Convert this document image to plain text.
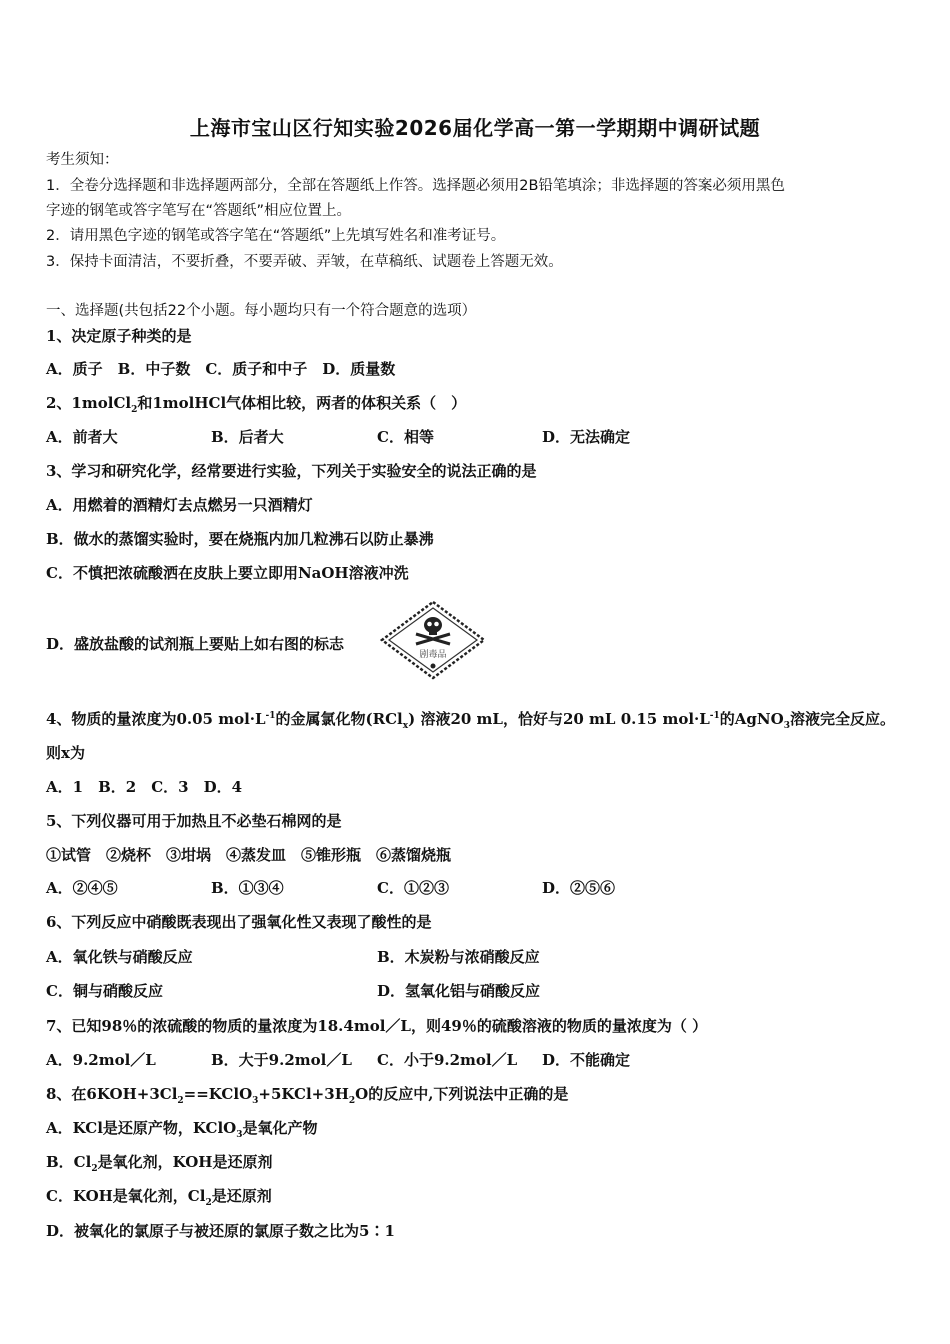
上海市宝山区行知实验2026届化学高一第一学期期中调研试题
考生须知：
1．全卷分选择题和非选择题两部分，全部在答题纸上作答。选择题必须用2B铅笔填涂；非选择题的答案必须用黑色
字迹的钢笔或答字笔写在“答题纸”相应位置上。
2．请用黑色字迹的钢笔或答字笔在“答题纸”上先填写姓名和准考证号。
3．保持卡面清洁，不要折叠，不要弄破、弄皱，在草稿纸、试题卷上答题无效。
一、选择题(共包括22个小题。每小题均只有一个符合题意的选项）
1、决定原子种类的是
A．质子　B．中子数　C．质子和中子　D．质量数
2、1molCl$_2$和1molHCl气体相比较，两者的体积关系（　）
A．前者大	B．后者大	C．相等	D．无法确定
3、学习和研究化学，经常要进行实验，下列关于实验安全的说法正确的是
A．用燃着的酒精灯去点燃另一只酒精灯
B．做水的蒸馏实验时，要在烧瓶内加几粒沸石以防止暴沸
C．不慎把浓硫酸洒在皮肤上要立即用NaOH溶液冲洗
D．盛放盐酸的试剂瓶上要贴上如右图的标志
4、物质的量浓度为0.05 $mol\cdot L^{-1}$的金属氯化物(RCl$_x$) 溶液20 mL，恰好与20 mL 0.15 $mol\cdot L^{-1}$的AgNO$_3$溶液完全反应。
则x为
A．1　B．2　C．3　D．4
5、下列仪器可用于加热且不必垫石棉网的是
①试管　②烧杯　③坩埚　④蒸发皿　⑤锥形瓶　⑥蒸馏烧瓶
A．②④⑤	B．①③④	C．①②③	D．②⑤⑥
6、下列反应中硝酸既表现出了强氧化性又表现了酸性的是
A．氧化铁与硝酸反应	B．木炭粉与浓硝酸反应
C．铜与硝酸反应	D．氢氧化铝与硝酸反应
7、已知98％的浓硫酸的物质的量浓度为18.4mol／L，则49％的硫酸溶液的物质的量浓度为（ ）
A．9.2mol／L	B．大于9.2mol／L C．小于9.2mol／L D．不能确定
8、在$6KOH+3Cl_2==KClO_3+5KCl+3H_2O$的反应中,下列说法中正确的是
A．KCl是还原产物，KClO$_3$是氧化产物
B．$Cl_2$是氧化剂，KOH是还原剂
C．KOH是氧化剂，$Cl_2$是还原剂
D．被氧化的氯原子与被还原的氯原子数之比为5∶1
剧毒品
